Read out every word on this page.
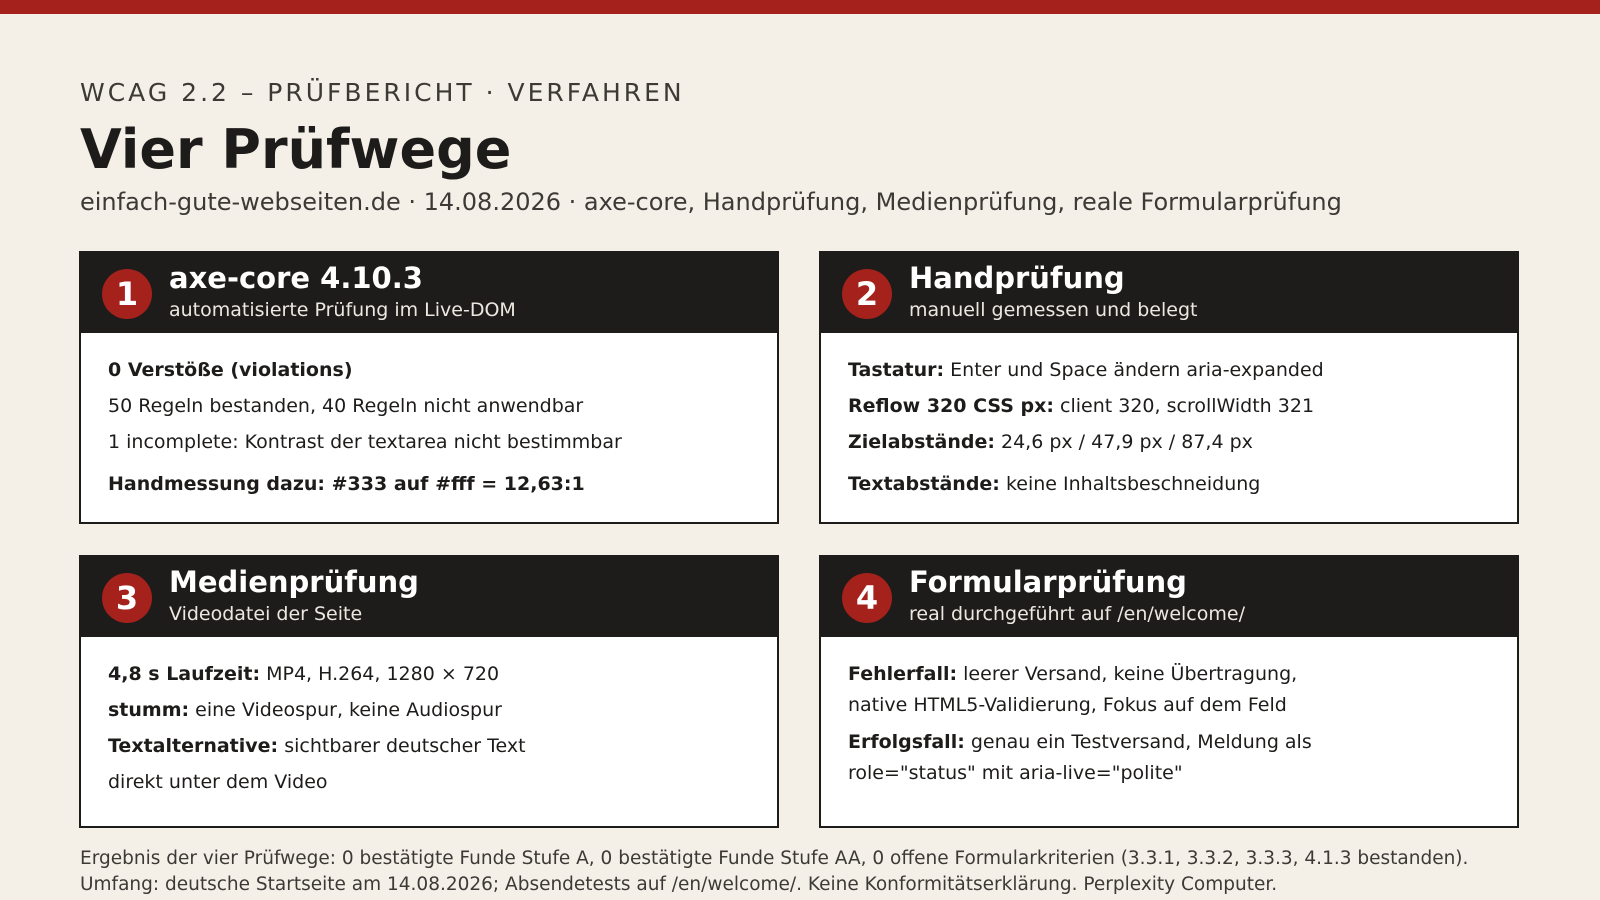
WCAG 2.2 – PRÜFBERICHT · VERFAHREN
Vier Prüfwege
einfach-gute-webseiten.de · 14.08.2026 · axe-core, Handprüfung, Medienprüfung, reale Formularprüfung
1	axe-core 4.10.3
automatisierte Prüfung im Live-DOM
0 Verstöße (violations)
50 Regeln bestanden, 40 Regeln nicht anwendbar
1 incomplete: Kontrast der textarea nicht bestimmbar
Handmessung dazu: #333 auf #fff = 12,63:1
2	Handprüfung
manuell gemessen und belegt
Tastatur: Enter und Space ändern aria-expanded
Reflow 320 CSS px: client 320, scrollWidth 321
Zielabstände: 24,6 px / 47,9 px / 87,4 px
Textabstände: keine Inhaltsbeschneidung
3	Medienprüfung
Videodatei der Seite
4,8 s Laufzeit: MP4, H.264, 1280 × 720
stumm: eine Videospur, keine Audiospur
Textalternative: sichtbarer deutscher Text
direkt unter dem Video
4	Formularprüfung
real durchgeführt auf /en/welcome/
Fehlerfall: leerer Versand, keine Übertragung,
native HTML5-Validierung, Fokus auf dem Feld
Erfolgsfall: genau ein Testversand, Meldung als
role="status" mit aria-live="polite"
Ergebnis der vier Prüfwege: 0 bestätigte Funde Stufe A, 0 bestätigte Funde Stufe AA, 0 offene Formularkriterien (3.3.1, 3.3.2, 3.3.3, 4.1.3 bestanden).
Umfang: deutsche Startseite am 14.08.2026; Absendetests auf /en/welcome/. Keine Konformitätserklärung. Perplexity Computer.
